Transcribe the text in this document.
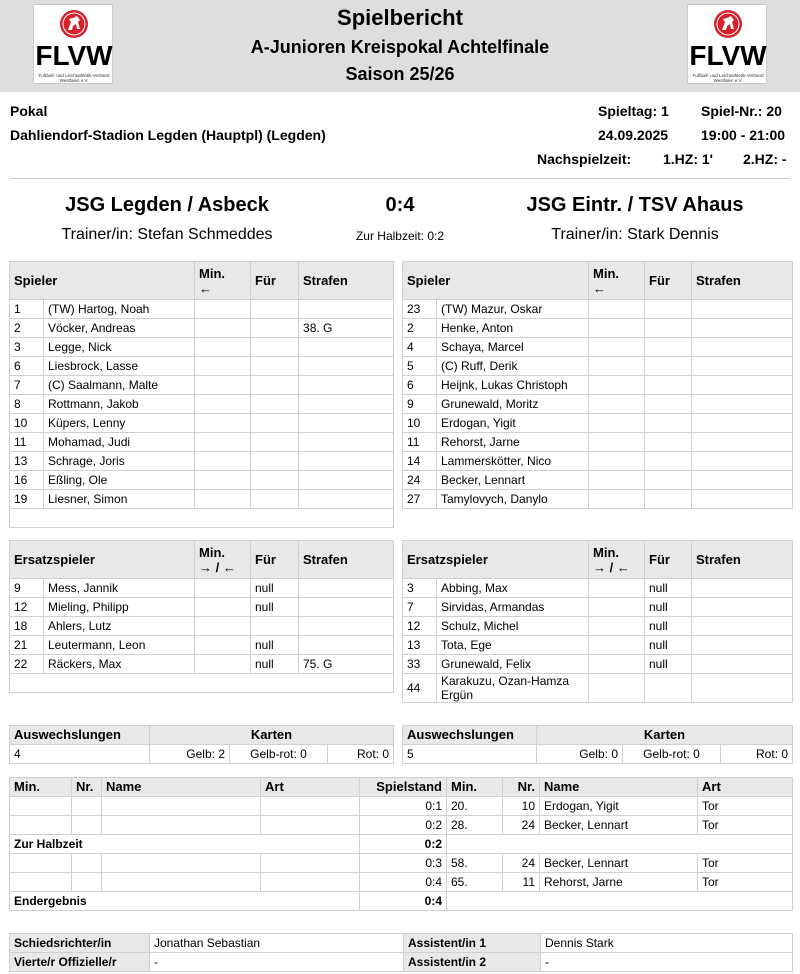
FLVW
Fußball- und Leichtathletik-Verband Westfalen e.V.
Spielbericht
A-Junioren Kreispokal Achtelfinale
Saison 25/26
FLVW
Fußball- und Leichtathletik-Verband Westfalen e.V.
Pokal
Dahliendorf-Stadion Legden (Hauptpl) (Legden)
Spieltag: 1 Spiel-Nr.: 20
24.09.2025 19:00 - 21:00
Nachspielzeit: 1.HZ: 1' 2.HZ: -
JSG Legden / Asbeck
Trainer/in: Stefan Schmeddes
0:4
Zur Halbzeit: 0:2
JSG Eintr. / TSV Ahaus
Trainer/in: Stark Dennis
Spieler		Min.
←	Für	Strafen
1	(TW) Hartog, Noah			
2	Vöcker, Andreas			38. G
3	Legge, Nick			
6	Liesbrock, Lasse			
7	(C) Saalmann, Malte			
8	Rottmann, Jakob			
10	Küpers, Lenny			
11	Mohamad, Judi			
13	Schrage, Joris			
16	Eßling, Ole			
19	Liesner, Simon			

Spieler		Min.
←	Für	Strafen
23	(TW) Mazur, Oskar			
2	Henke, Anton			
4	Schaya, Marcel			
5	(C) Ruff, Derik			
6	Heijnk, Lukas Christoph			
9	Grunewald, Moritz			
10	Erdogan, Yigit			
11	Rehorst, Jarne			
14	Lammerskötter, Nico			
24	Becker, Lennart			
27	Tamylovych, Danylo			
Ersatzspieler		Min.
→ / ←	Für	Strafen
9	Mess, Jannik		null	
12	Mieling, Philipp		null	
18	Ahlers, Lutz			
21	Leutermann, Leon		null	
22	Räckers, Max		null	75. G

Ersatzspieler		Min.
→ / ←	Für	Strafen
3	Abbing, Max		null	
7	Sirvidas, Armandas		null	
12	Schulz, Michel		null	
13	Tota, Ege		null	
33	Grunewald, Felix		null	
44	Karakuzu, Ozan-Hamza Ergün			
Auswechslungen	Karten		
4	Gelb: 2	Gelb-rot: 0	Rot: 0
Auswechslungen	Karten		
5	Gelb: 0	Gelb-rot: 0	Rot: 0
Min.	Nr.	Name	Art	Spielstand	Min.	Nr.	Name	Art
				0:1	20.	10	Erdogan, Yigit	Tor
				0:2	28.	24	Becker, Lennart	Tor
Zur Halbzeit				0:2				
				0:3	58.	24	Becker, Lennart	Tor
				0:4	65.	11	Rehorst, Jarne	Tor
Endergebnis				0:4				
Schiedsrichter/in	Jonathan Sebastian	Assistent/in 1	Dennis Stark
Vierte/r Offizielle/r	-	Assistent/in 2	-
